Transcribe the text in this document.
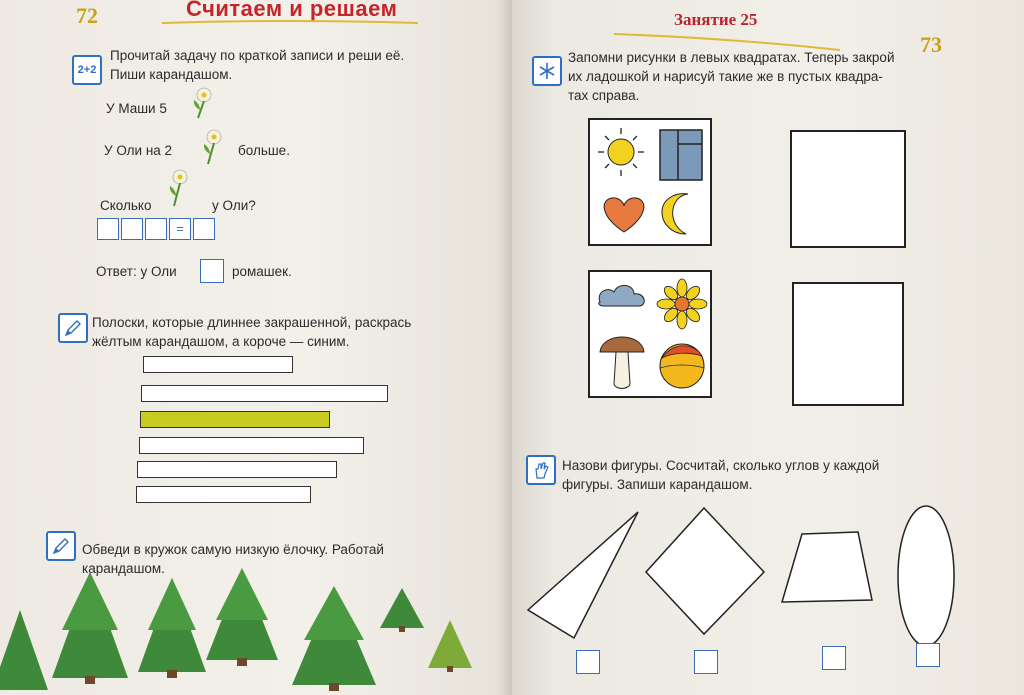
72	Считаем и решаем
2+2
Прочитай задачу по краткой записи и реши её.
Пиши карандашом.
У Маши 5
У Оли на 2	больше.
Сколько	у Оли?
=
Ответ: у Оли	ромашек.
Полоски, которые длиннее закрашенной, раскрась
жёлтым карандашом, а короче — синим.
Обведи в кружок самую низкую ёлочку. Работай
карандашом.
Занятие 25
73
Запомни рисунки в левых квадратах. Теперь закрой
их ладошкой и нарисуй такие же в пустых квадра-
тах справа.
Назови фигуры. Сосчитай, сколько углов у каждой
фигуры. Запиши карандашом.
